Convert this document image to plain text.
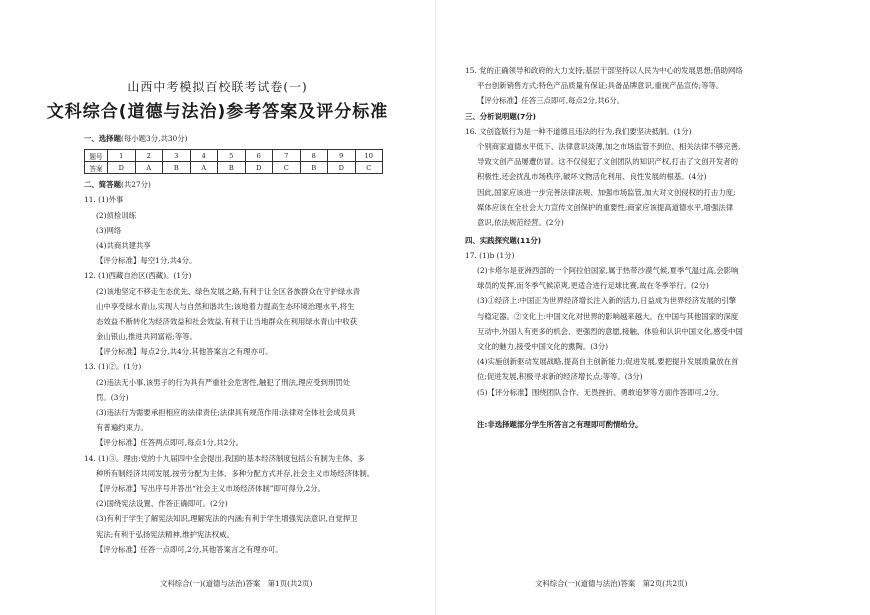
山西中考模拟百校联考试卷(一)
文科综合(道德与法治)参考答案及评分标准
一、选择题(每小题3分,共30分)
题号	1	2	3	4	5	6	7	8	9	10
答案	D	A	B	A	B	D	C	B	D	C
二、简答题(共27分)
11. (1)外事
(2)侦检训练
(3)网络
(4)共商共建共享
【评分标准】每空1分,共4分。
12. (1)西藏自治区(西藏)。(1分)
(2)该地坚定不移走生态优先、绿色发展之路,有利于让全区各族群众在守护绿水青
山中享受绿水青山,实现人与自然和谐共生;该地着力提高生态环境治理水平,将生
态效益不断转化为经济效益和社会效益,有利于让当地群众在利用绿水青山中收获
金山银山,推进共同富裕;等等。
【评分标准】每点2分,共4分,其他答案言之有理亦可。
13. (1)②。(1分)
(2)违法无小事,该男子的行为具有严重社会危害性,触犯了刑法,理应受到刑罚处
罚。(3分)
(3)违法行为需要承担相应的法律责任;法律具有规范作用:法律对全体社会成员具
有普遍约束力。
【评分标准】任答两点即可,每点1分,共2分。
14. (1)③。理由:党的十九届四中全会提出,我国的基本经济制度包括公有制为主体、多
种所有制经济共同发展,按劳分配为主体、多种分配方式并存,社会主义市场经济体制。
【评分标准】写出序号并答出“社会主义市场经济体制”即可得分,2分。
(2)国绕宪法设置、作答正确即可。(2分)
(3)有利于学生了解宪法知识,理解宪法的内涵;有利于学生增强宪法意识,自觉捍卫
宪法;有利于弘扬宪法精神,维护宪法权威。
【评分标准】任答一点即可,2分,其他答案言之有理亦可。
文科综合(一)(道德与法治)答案　第1页(共2页)
15. 党的正确领导和政府的大力支持;基层干部坚持以人民为中心的发展思想;借助网络
平台创新销售方式;特色产品质量有保证;具备品牌意识,重视产品宣传;等等。
【评分标准】任答三点即可,每点2分,共6分。
三、分析说明题(7分)
16. 文创盗版行为是一种不道德且违法的行为,我们要坚决抵制。(1分)
个别商家道德水平低下、法律意识淡薄,加之市场监管不到位、相关法律不够完善,
导致文创产品屡遭仿冒。这不仅侵犯了文创团队的知识产权,打击了文创开发者的
积极性,还会扰乱市场秩序,破坏文物活化利用、良性发展的根基。(4分)
因此,国家应该进一步完善法律法规、加强市场监管,加大对文创侵权的打击力度;
媒体应该在全社会大力宣传文创保护的重要性;商家应该提高道德水平,增强法律
意识,依法规范经营。(2分)
四、实践探究题(11分)
17. (1)b (1分)
(2)卡塔尔是亚洲西部的一个阿拉伯国家,属于热带沙漠气候,夏季气温过高,会影响
球员的发挥,而冬季气候凉爽,更适合进行足球比赛,故在冬季举行。(2分)
(3)①经济上:中国正为世界经济增长注入新的活力,日益成为世界经济发展的引擎
与稳定器。②文化上:中国文化对世界的影响越来越大。在中国与其他国家的深度
互动中,外国人有更多的机会、更强烈的意愿,接触、体验和认识中国文化,感受中国
文化的魅力,接受中国文化的熏陶。(3分)
(4)实施创新驱动发展战略,提高自主创新能力;促进发展,要把提升发展质量放在首
位;促进发展,积极寻求新的经济增长点;等等。(3分)
(5)【评分标准】围绕团队合作、无畏挫折、勇敢追梦等方面作答即可,2分。
注:非选择题部分学生所答言之有理即可酌情给分。
文科综合(一)(道德与法治)答案　第2页(共2页)
